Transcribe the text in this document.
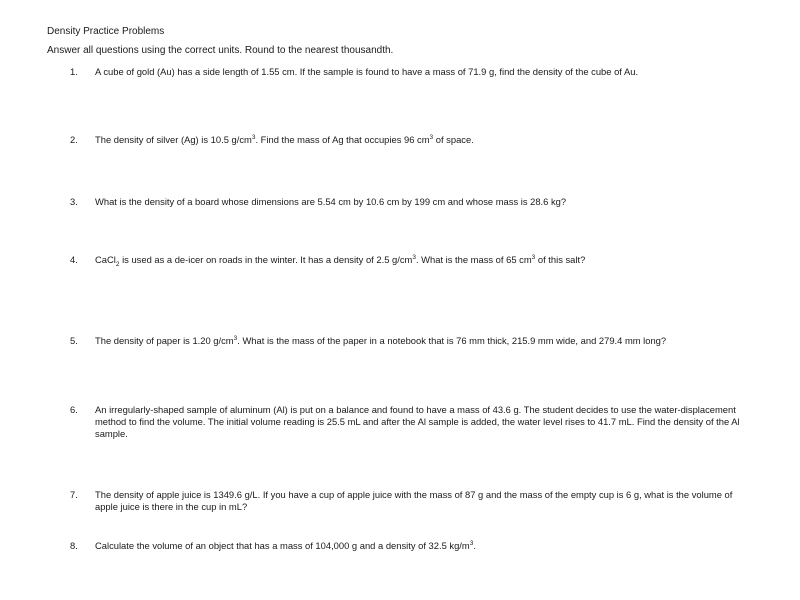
Density Practice Problems
Answer all questions using the correct units. Round to the nearest thousandth.
1.	A cube of gold (Au) has a side length of 1.55 cm. If the sample is found to have a mass of 71.9 g, find the density of the cube of Au.
2.	The density of silver (Ag) is 10.5 $g/cm^3$. Find the mass of Ag that occupies 96 $cm^3$ of space.
3.	What is the density of a board whose dimensions are 5.54 cm by 10.6 cm by 199 cm and whose mass is 28.6 kg?
4.	CaCl$_2$ is used as a de-icer on roads in the winter. It has a density of 2.5 $g/cm^3$. What is the mass of 65 $cm^3$ of this salt?
5.	The density of paper is 1.20 $g/cm^3$. What is the mass of the paper in a notebook that is 76 mm thick, 215.9 mm wide, and 279.4 mm long?
6.	An irregularly-shaped sample of aluminum (Al) is put on a balance and found to have a mass of 43.6 g. The student decides to use the water-displacement method to find the volume. The initial volume reading is 25.5 mL and after the Al sample is added, the water level rises to 41.7 mL. Find the density of the Al sample.
7.	The density of apple juice is 1349.6 g/L. If you have a cup of apple juice with the mass of 87 g and the mass of the empty cup is 6 g, what is the volume of apple juice is there in the cup in mL?
8.	Calculate the volume of an object that has a mass of 104,000 g and a density of 32.5 $kg/m^3$.
